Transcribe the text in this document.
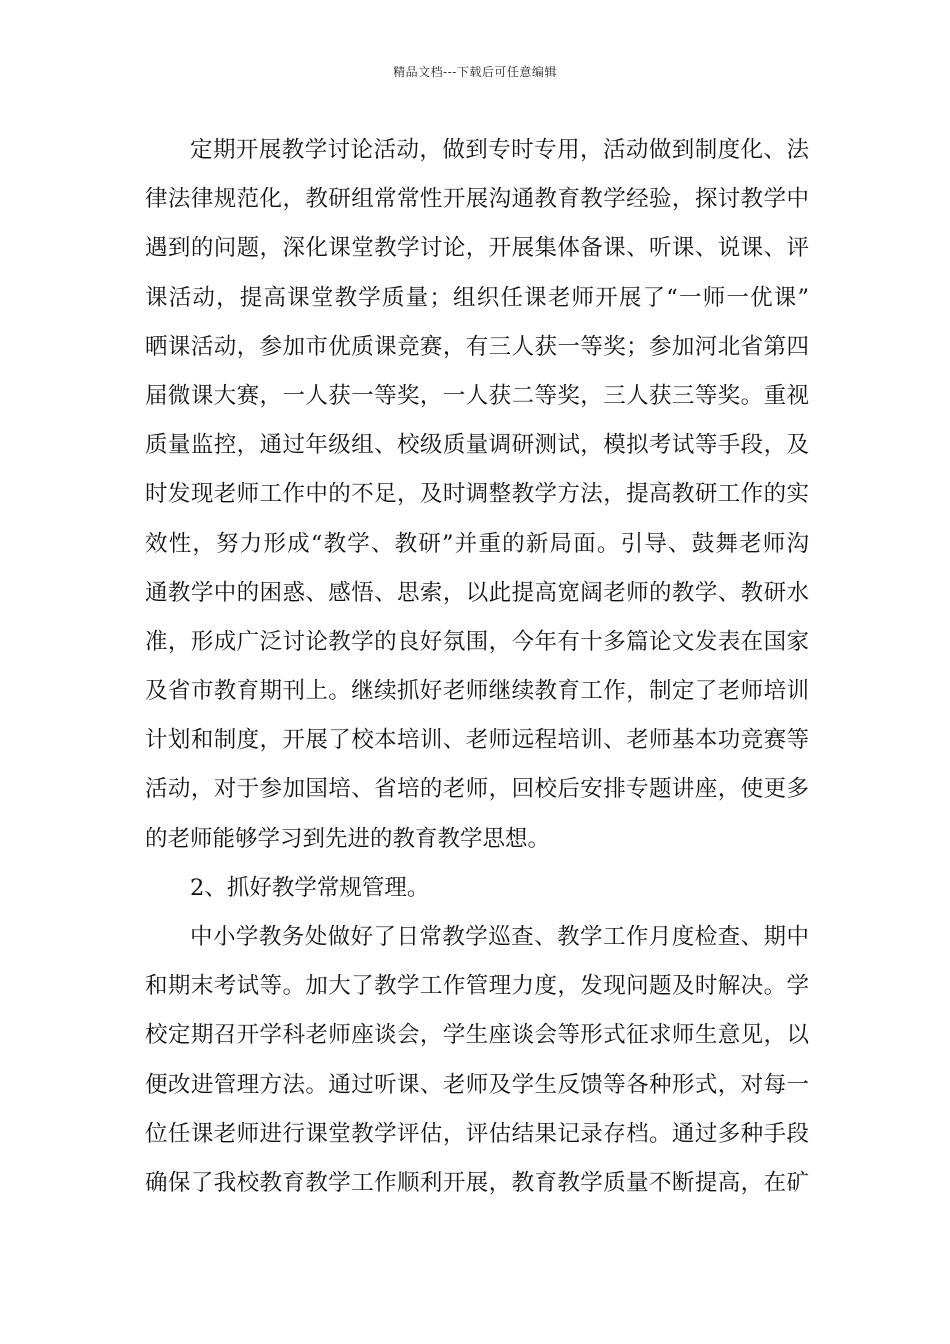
精品文档---下载后可任意编辑
定期开展教学讨论活动，做到专时专用，活动做到制度化、法
律法律规范化，教研组常常性开展沟通教育教学经验，探讨教学中
遇到的问题，深化课堂教学讨论，开展集体备课、听课、说课、评
课活动，提高课堂教学质量；组织任课老师开展了“一师一优课”
晒课活动，参加市优质课竞赛，有三人获一等奖；参加河北省第四
届微课大赛，一人获一等奖，一人获二等奖，三人获三等奖。重视
质量监控，通过年级组、校级质量调研测试，模拟考试等手段，及
时发现老师工作中的不足，及时调整教学方法，提高教研工作的实
效性，努力形成“教学、教研”并重的新局面。引导、鼓舞老师沟
通教学中的困惑、感悟、思索，以此提高宽阔老师的教学、教研水
准，形成广泛讨论教学的良好氛围，今年有十多篇论文发表在国家
及省市教育期刊上。继续抓好老师继续教育工作，制定了老师培训
计划和制度，开展了校本培训、老师远程培训、老师基本功竞赛等
活动，对于参加国培、省培的老师，回校后安排专题讲座，使更多
的老师能够学习到先进的教育教学思想。
2、抓好教学常规管理。
中小学教务处做好了日常教学巡查、教学工作月度检查、期中
和期末考试等。加大了教学工作管理力度，发现问题及时解决。学
校定期召开学科老师座谈会，学生座谈会等形式征求师生意见，以
便改进管理方法。通过听课、老师及学生反馈等各种形式，对每一
位任课老师进行课堂教学评估，评估结果记录存档。通过多种手段
确保了我校教育教学工作顺利开展，教育教学质量不断提高，在矿
